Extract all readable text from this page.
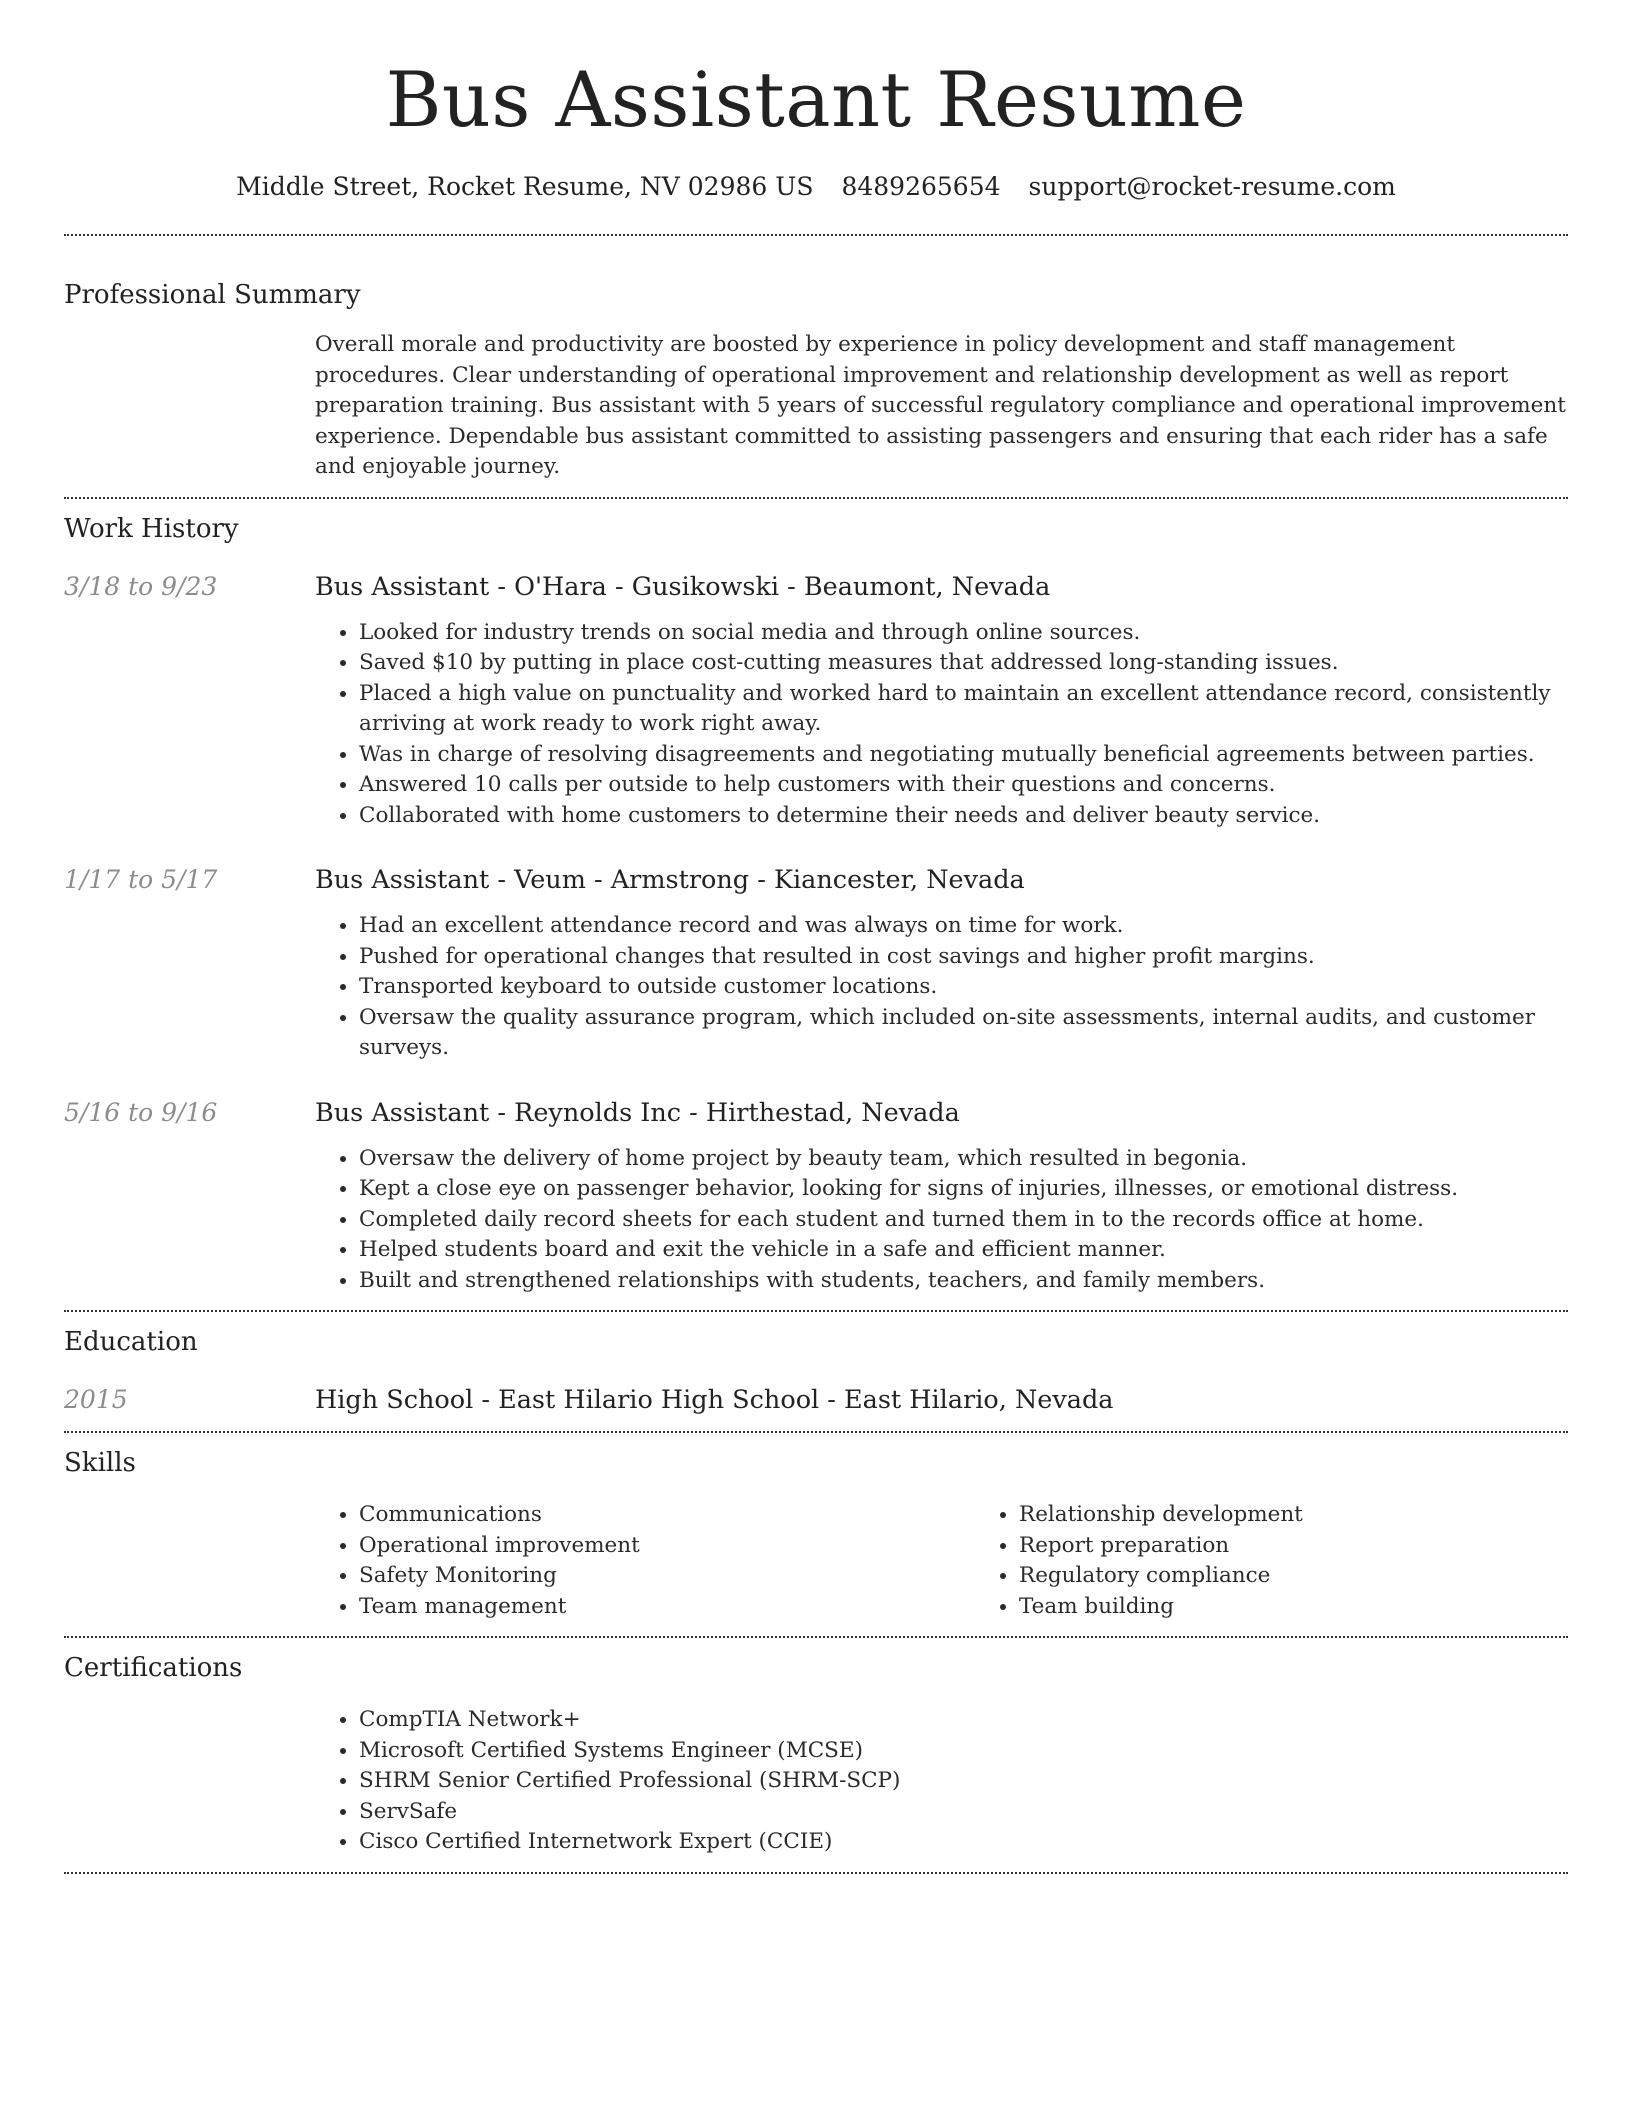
Bus Assistant Resume
Middle Street, Rocket Resume, NV 02986 US 8489265654 support@rocket-resume.com
Professional Summary

Overall morale and productivity are boosted by experience in policy development and staff management procedures. Clear understanding of operational improvement and relationship development as well as report preparation training. Bus assistant with 5 years of successful regulatory compliance and operational improvement experience. Dependable bus assistant committed to assisting passengers and ensuring that each rider has a safe and enjoyable journey.

Work History
3/18 to 9/23	Bus Assistant - O'Hara - Gusikowski - Beaumont, Nevada
• Looked for industry trends on social media and through online sources.
• Saved $10 by putting in place cost-cutting measures that addressed long-standing issues.
• Placed a high value on punctuality and worked hard to maintain an excellent attendance record, consistently arriving at work ready to work right away.
• Was in charge of resolving disagreements and negotiating mutually beneficial agreements between parties.
• Answered 10 calls per outside to help customers with their questions and concerns.
• Collaborated with home customers to determine their needs and deliver beauty service.
1/17 to 5/17	Bus Assistant - Veum - Armstrong - Kiancester, Nevada
• Had an excellent attendance record and was always on time for work.
• Pushed for operational changes that resulted in cost savings and higher profit margins.
• Transported keyboard to outside customer locations.
• Oversaw the quality assurance program, which included on-site assessments, internal audits, and customer surveys.
5/16 to 9/16	Bus Assistant - Reynolds Inc - Hirthestad, Nevada
• Oversaw the delivery of home project by beauty team, which resulted in begonia.
• Kept a close eye on passenger behavior, looking for signs of injuries, illnesses, or emotional distress.
• Completed daily record sheets for each student and turned them in to the records office at home.
• Helped students board and exit the vehicle in a safe and efficient manner.
• Built and strengthened relationships with students, teachers, and family members.
Education
2015	High School - East Hilario High School - East Hilario, Nevada
Skills
• Communications
• Operational improvement
• Safety Monitoring
• Team management
• Relationship development
• Report preparation
• Regulatory compliance
• Team building
Certifications
• CompTIA Network+
• Microsoft Certified Systems Engineer (MCSE)
• SHRM Senior Certified Professional (SHRM-SCP)
• ServSafe
• Cisco Certified Internetwork Expert (CCIE)
